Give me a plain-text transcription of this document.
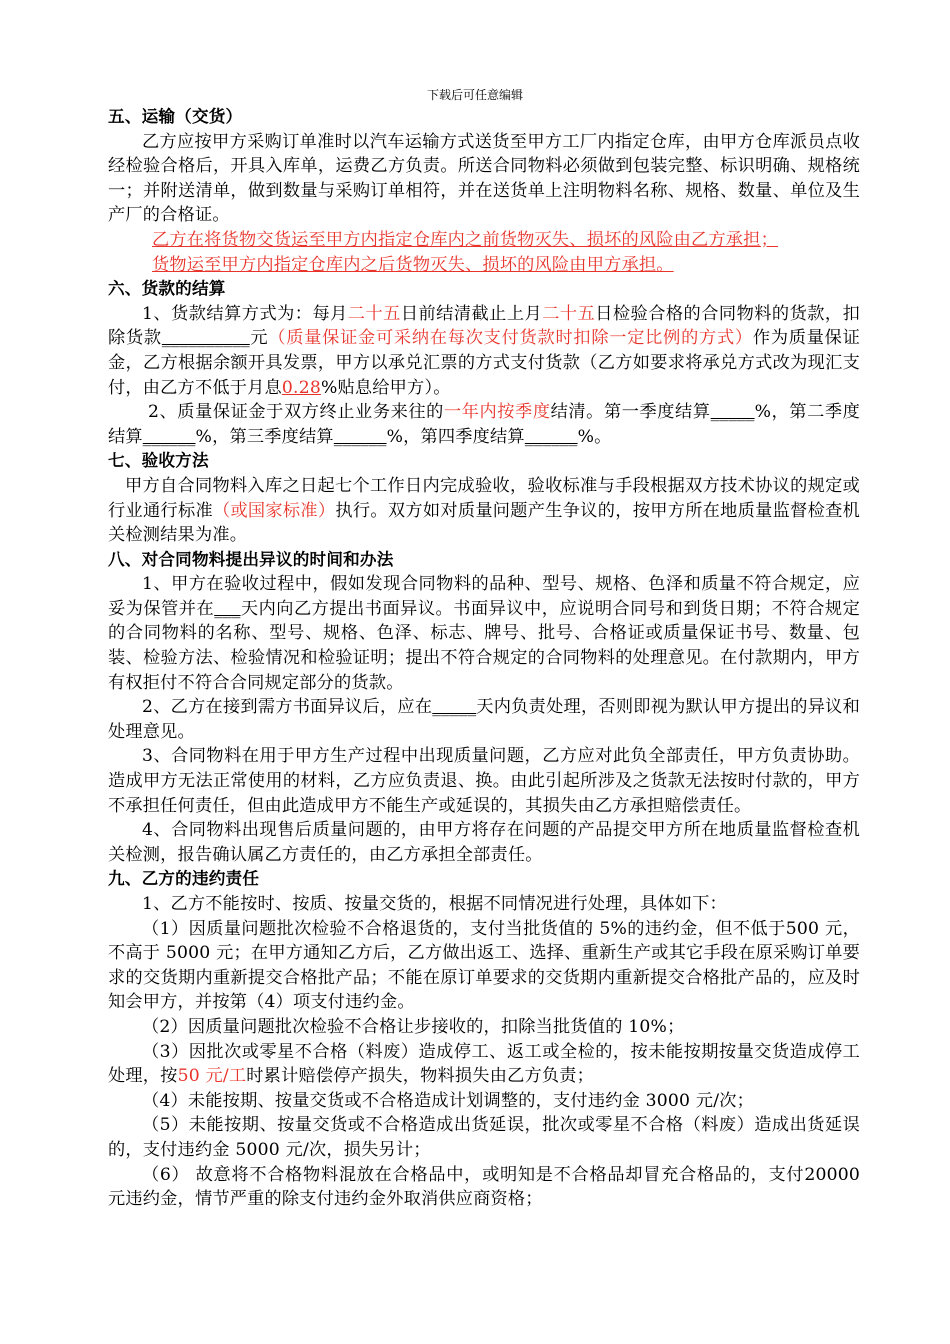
下载后可任意编辑

五、运输（交货）

乙方应按甲方采购订单准时以汽车运输方式送货至甲方工厂内指定仓库，由甲方仓库派员点收经检验合格后，开具入库单，运费乙方负责。所送合同物料必须做到包装完整、标识明确、规格统一；并附送清单，做到数量与采购订单相符，并在送货单上注明物料名称、规格、数量、单位及生产厂的合格证。

乙方在将货物交货运至甲方内指定仓库内之前货物灭失、损坏的风险由乙方承担；

货物运至甲方内指定仓库内之后货物灭失、损坏的风险由甲方承担。

六、货款的结算

1、货款结算方式为：每月二十五日前结清截止上月二十五日检验合格的合同物料的货款，扣除货款__________元（质量保证金可采纳在每次支付货款时扣除一定比例的方式）作为质量保证金，乙方根据余额开具发票，甲方以承兑汇票的方式支付货款（乙方如要求将承兑方式改为现汇支付，由乙方不低于月息0.28%贴息给甲方）。

2、质量保证金于双方终止业务来往的一年内按季度结清。第一季度结算_____%，第二季度结算______%，第三季度结算______%，第四季度结算______%。

七、验收方法

甲方自合同物料入库之日起七个工作日内完成验收，验收标准与手段根据双方技术协议的规定或行业通行标准（或国家标准）执行。双方如对质量问题产生争议的，按甲方所在地质量监督检查机关检测结果为准。

八、对合同物料提出异议的时间和办法

1、甲方在验收过程中，假如发现合同物料的品种、型号、规格、色泽和质量不符合规定，应妥为保管并在___天内向乙方提出书面异议。书面异议中，应说明合同号和到货日期；不符合规定的合同物料的名称、型号、规格、色泽、标志、牌号、批号、合格证或质量保证书号、数量、包装、检验方法、检验情况和检验证明；提出不符合规定的合同物料的处理意见。在付款期内，甲方有权拒付不符合合同规定部分的货款。

2、乙方在接到需方书面异议后，应在_____天内负责处理，否则即视为默认甲方提出的异议和处理意见。

3、合同物料在用于甲方生产过程中出现质量问题，乙方应对此负全部责任，甲方负责协助。造成甲方无法正常使用的材料，乙方应负责退、换。由此引起所涉及之货款无法按时付款的，甲方不承担任何责任，但由此造成甲方不能生产或延误的，其损失由乙方承担赔偿责任。

4、合同物料出现售后质量问题的，由甲方将存在问题的产品提交甲方所在地质量监督检查机关检测，报告确认属乙方责任的，由乙方承担全部责任。

九、乙方的违约责任

1、乙方不能按时、按质、按量交货的，根据不同情况进行处理，具体如下：

（1）因质量问题批次检验不合格退货的，支付当批货值的 5%的违约金，但不低于500 元，不高于 5000 元；在甲方通知乙方后，乙方做出返工、选择、重新生产或其它手段在原采购订单要求的交货期内重新提交合格批产品；不能在原订单要求的交货期内重新提交合格批产品的，应及时知会甲方，并按第（4）项支付违约金。

（2）因质量问题批次检验不合格让步接收的，扣除当批货值的 10%；

（3）因批次或零星不合格（料废）造成停工、返工或全检的，按未能按期按量交货造成停工处理，按50 元/工时累计赔偿停产损失，物料损失由乙方负责；

（4）未能按期、按量交货或不合格造成计划调整的，支付违约金 3000 元/次；

（5）未能按期、按量交货或不合格造成出货延误，批次或零星不合格（料废）造成出货延误的，支付违约金 5000 元/次，损失另计；

（6） 故意将不合格物料混放在合格品中，或明知是不合格品却冒充合格品的，支付20000 元违约金，情节严重的除支付违约金外取消供应商资格；
